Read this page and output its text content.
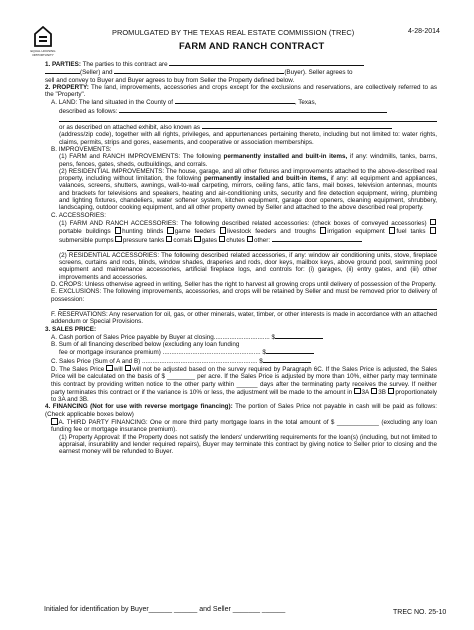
EQUAL HOUSING OPPORTUNITY
PROMULGATED BY THE TEXAS REAL ESTATE COMMISSION (TREC)	4-28-2014
FARM AND RANCH CONTRACT

1. PARTIES: The parties to this contract are

(Seller) and	(Buyer). Seller agrees to

sell and convey to Buyer and Buyer agrees to buy from Seller the Property defined below.

2. PROPERTY: The land, improvements, accessories and crops except for the exclusions and reservations, are collectively referred to as the "Property".

A. LAND: The land situated in the County of	, Texas,

described as follows:

or as described on attached exhibit, also known as

(address/zip code), together with all rights, privileges, and appurtenances pertaining thereto, including but not limited to: water rights, claims, permits, strips and gores, easements, and cooperative or association memberships.

B. IMPROVEMENTS:

(1) FARM and RANCH IMPROVEMENTS: The following permanently installed and built-in items, if any: windmills, tanks, barns, pens, fences, gates, sheds, outbuildings, and corrals.

(2) RESIDENTIAL IMPROVEMENTS: The house, garage, and all other fixtures and improvements attached to the above-described real property, including without limitation, the following permanently installed and built-in items, if any: all equipment and appliances, valances, screens, shutters, awnings, wall-to-wall carpeting, mirrors, ceiling fans, attic fans, mail boxes, television antennas, mounts and brackets for televisions and speakers, heating and air-conditioning units, security and fire detection equipment, wiring, plumbing and lighting fixtures, chandeliers, water softener system, kitchen equipment, garage door openers, cleaning equipment, shrubbery, landscaping, outdoor cooking equipment, and all other property owned by Seller and attached to the above described real property.

C. ACCESSORIES:

(1) FARM AND RANCH ACCESSORIES: The following described related accessories: (check boxes of conveyed accessories) portable buildings hunting blinds game feeders livestock feeders and troughs irrigation equipment fuel tanks submersible pumps pressure tanks corrals gates chutes other:

(2) RESIDENTIAL ACCESSORIES: The following described related accessories, if any: window air conditioning units, stove, fireplace screens, curtains and rods, blinds, window shades, draperies and rods, door keys, mailbox keys, above ground pool, swimming pool equipment and maintenance accessories, artificial fireplace logs, and controls for: (i) garages, (ii) entry gates, and (iii) other improvements and accessories.

D. CROPS: Unless otherwise agreed in writing, Seller has the right to harvest all growing crops until delivery of possession of the Property.

E. EXCLUSIONS: The following improvements, accessories, and crops will be retained by Seller and must be removed prior to delivery of possession:

F. RESERVATIONS: Any reservation for oil, gas, or other minerals, water, timber, or other interests is made in accordance with an attached addendum or Special Provisions.

3. SALES PRICE:

A. Cash portion of Sales Price payable by Buyer at closing................................ $

B. Sum of all financing described below (excluding any loan funding

fee or mortgage insurance premium) ........................................................ $

C. Sales Price (Sum of A and B) .................................................................. $

D. The Sales Price will will not be adjusted based on the survey required by Paragraph 6C. If the Sales Price is adjusted, the Sales Price will be calculated on the basis of $ ________ per acre. If the Sales Price is adjusted by more than 10%, either party may terminate this contract by providing written notice to the other party within ______ days after the terminating party receives the survey. If neither party terminates this contract or if the variance is 10% or less, the adjustment will be made to the amount in 3A 3B proportionately to 3A and 3B.

4. FINANCING (Not for use with reverse mortgage financing): The portion of Sales Price not payable in cash will be paid as follows: (Check applicable boxes below)

A. THIRD PARTY FINANCING: One or more third party mortgage loans in the total amount of $ ____________ (excluding any loan funding fee or mortgage insurance premium).

(1) Property Approval: If the Property does not satisfy the lenders' underwriting requirements for the loan(s) (including, but not limited to appraisal, insurability and lender required repairs), Buyer may terminate this contract by giving notice to Seller prior to closing and the earnest money will be refunded to Buyer.

Initialed for identification by Buyer______ ______ and Seller _______ ______	TREC NO. 25-10
